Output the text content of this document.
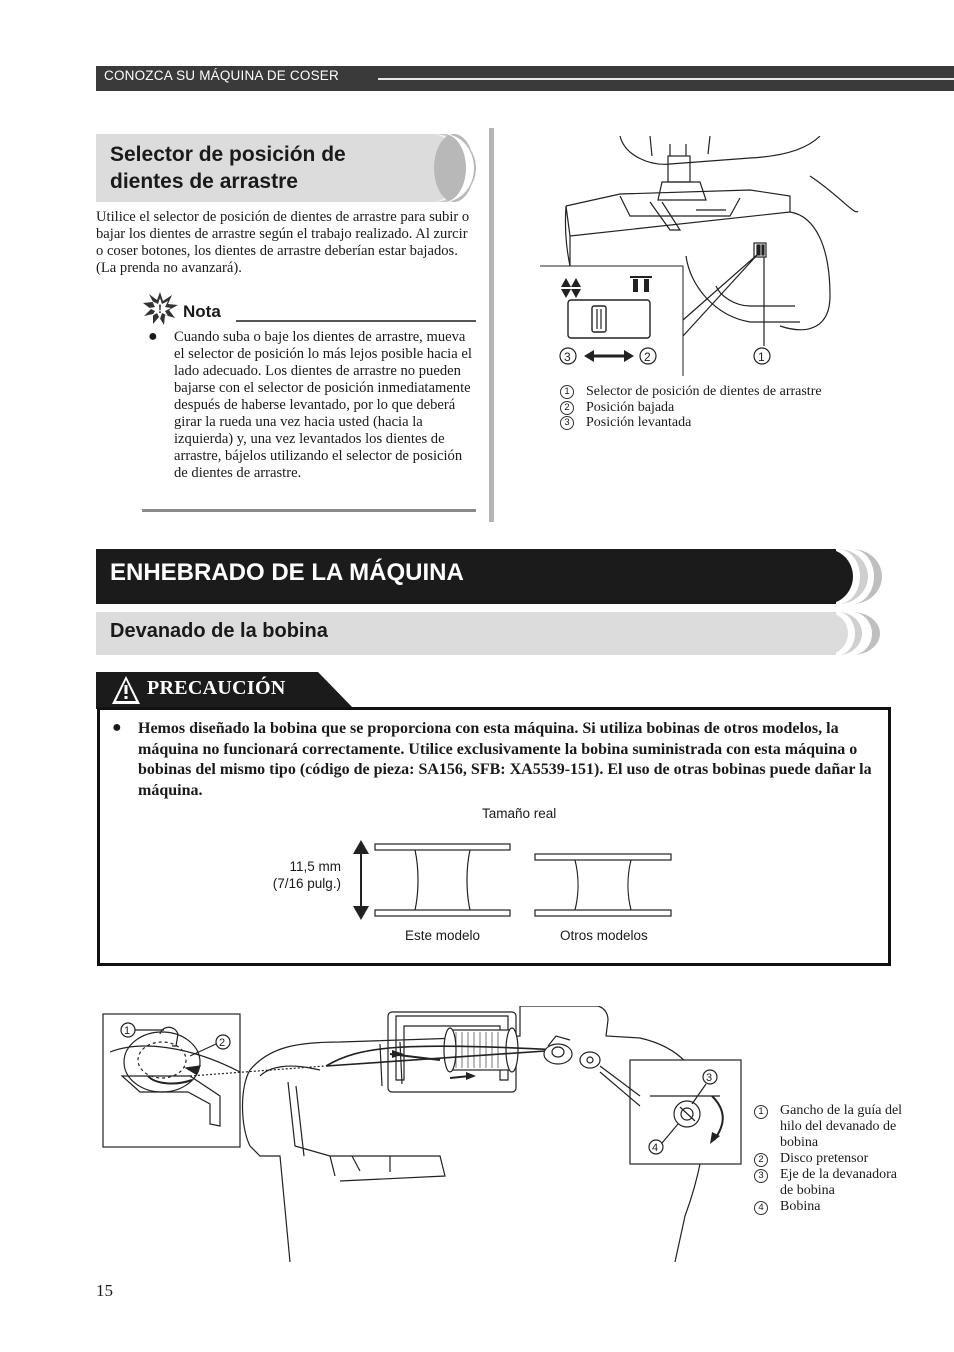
CONOZCA SU MÁQUINA DE COSER
Selector de posición de dientes de arrastre
Utilice el selector de posición de dientes de arrastre para subir o bajar los dientes de arrastre según el trabajo realizado. Al zurcir o coser botones, los dientes de arrastre deberían estar bajados. (La prenda no avanzará).
! Nota
● Cuando suba o baje los dientes de arrastre, mueva el selector de posición lo más lejos posible hacia el lado adecuado. Los dientes de arrastre no pueden bajarse con el selector de posición inmediatamente después de haberse levantado, por lo que deberá girar la rueda una vez hacia usted (hacia la izquierda) y, una vez levantados los dientes de arrastre, bájelos utilizando el selector de posición de dientes de arrastre.
3	2	1
1	Selector de posición de dientes de arrastre
2	Posición bajada
3	Posición levantada
ENHEBRADO DE LA MÁQUINA
Devanado de la bobina
PRECAUCIÓN
● Hemos diseñado la bobina que se proporciona con esta máquina. Si utiliza bobinas de otros modelos, la máquina no funcionará correctamente. Utilice exclusivamente la bobina suministrada con esta máquina o bobinas del mismo tipo (código de pieza: SA156, SFB: XA5539-151). El uso de otras bobinas puede dañar la máquina.
Tamaño real
11,5 mm
(7/16 pulg.)
Este modelo	Otros modelos
1
2
3
4
1	Gancho de la guía del hilo del devanado de bobina
2	Disco pretensor
3	Eje de la devanadora de bobina
4	Bobina
15
